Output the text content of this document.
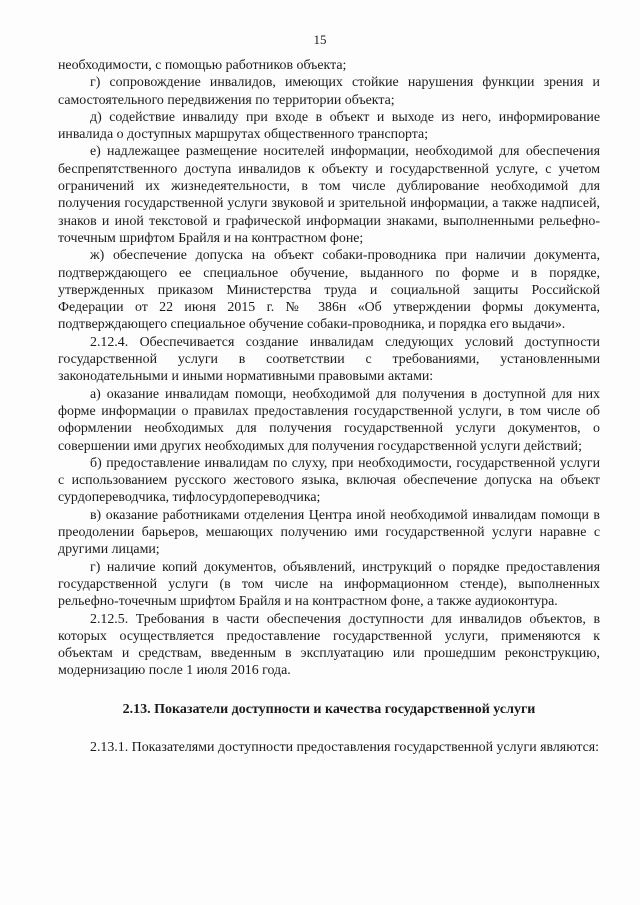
15

необходимости, с помощью работников объекта;

г) сопровождение инвалидов, имеющих стойкие нарушения функции зрения и самостоятельного передвижения по территории объекта;

д) содействие инвалиду при входе в объект и выходе из него, информирование инвалида о доступных маршрутах общественного транспорта;

е) надлежащее размещение носителей информации, необходимой для обеспечения беспрепятственного доступа инвалидов к объекту и государственной услуге, с учетом ограничений их жизнедеятельности, в том числе дублирование необходимой для получения государственной услуги звуковой и зрительной информации, а также надписей, знаков и иной текстовой и графической информации знаками, выполненными рельефно-точечным шрифтом Брайля и на контрастном фоне;

ж) обеспечение допуска на объект собаки-проводника при наличии документа, подтверждающего ее специальное обучение, выданного по форме и в порядке, утвержденных приказом Министерства труда и социальной защиты Российской Федерации от 22 июня 2015 г. № 386н «Об утверждении формы документа, подтверждающего специальное обучение собаки-проводника, и порядка его выдачи».

2.12.4. Обеспечивается создание инвалидам следующих условий доступности государственной услуги в соответствии с требованиями, установленными законодательными и иными нормативными правовыми актами:

а) оказание инвалидам помощи, необходимой для получения в доступной для них форме информации о правилах предоставления государственной услуги, в том числе об оформлении необходимых для получения государственной услуги документов, о совершении ими других необходимых для получения государственной услуги действий;

б) предоставление инвалидам по слуху, при необходимости, государственной услуги с использованием русского жестового языка, включая обеспечение допуска на объект сурдопереводчика, тифлосурдопереводчика;

в) оказание работниками отделения Центра иной необходимой инвалидам помощи в преодолении барьеров, мешающих получению ими государственной услуги наравне с другими лицами;

г) наличие копий документов, объявлений, инструкций о порядке предоставления государственной услуги (в том числе на информационном стенде), выполненных рельефно-точечным шрифтом Брайля и на контрастном фоне, а также аудиоконтура.

2.12.5. Требования в части обеспечения доступности для инвалидов объектов, в которых осуществляется предоставление государственной услуги, применяются к объектам и средствам, введенным в эксплуатацию или прошедшим реконструкцию, модернизацию после 1 июля 2016 года.

2.13. Показатели доступности и качества государственной услуги

2.13.1. Показателями доступности предоставления государственной услуги являются:
